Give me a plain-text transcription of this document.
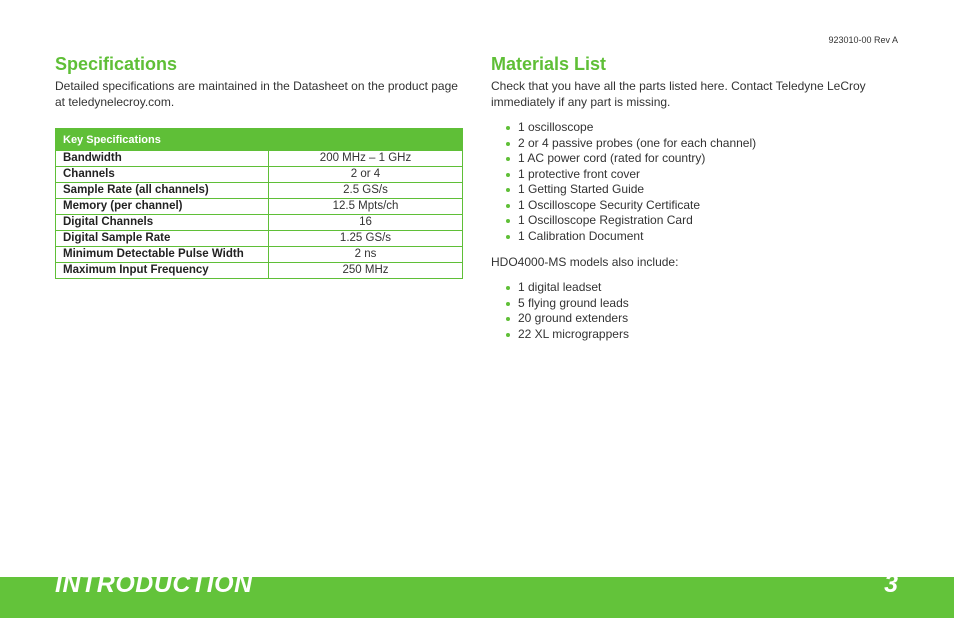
923010-00 Rev A
Specifications

Detailed specifications are maintained in the Datasheet on the product page at teledynelecroy.com.

Key Specifications	
Bandwidth	200 MHz – 1 GHz
Channels	2 or 4
Sample Rate (all channels)	2.5 GS/s
Memory (per channel)	12.5 Mpts/ch
Digital Channels	16
Digital Sample Rate	1.25 GS/s
Minimum Detectable Pulse Width	2 ns
Maximum Input Frequency	250 MHz
Materials List

Check that you have all the parts listed here. Contact Teledyne LeCroy immediately if any part is missing.

1 oscilloscope
2 or 4 passive probes (one for each channel)
1 AC power cord (rated for country)
1 protective front cover
1 Getting Started Guide
1 Oscilloscope Security Certificate
1 Oscilloscope Registration Card
1 Calibration Document

HDO4000-MS models also include:

1 digital leadset
5 flying ground leads
20 ground extenders
22 XL micrograppers
INTRODUCTION	3
